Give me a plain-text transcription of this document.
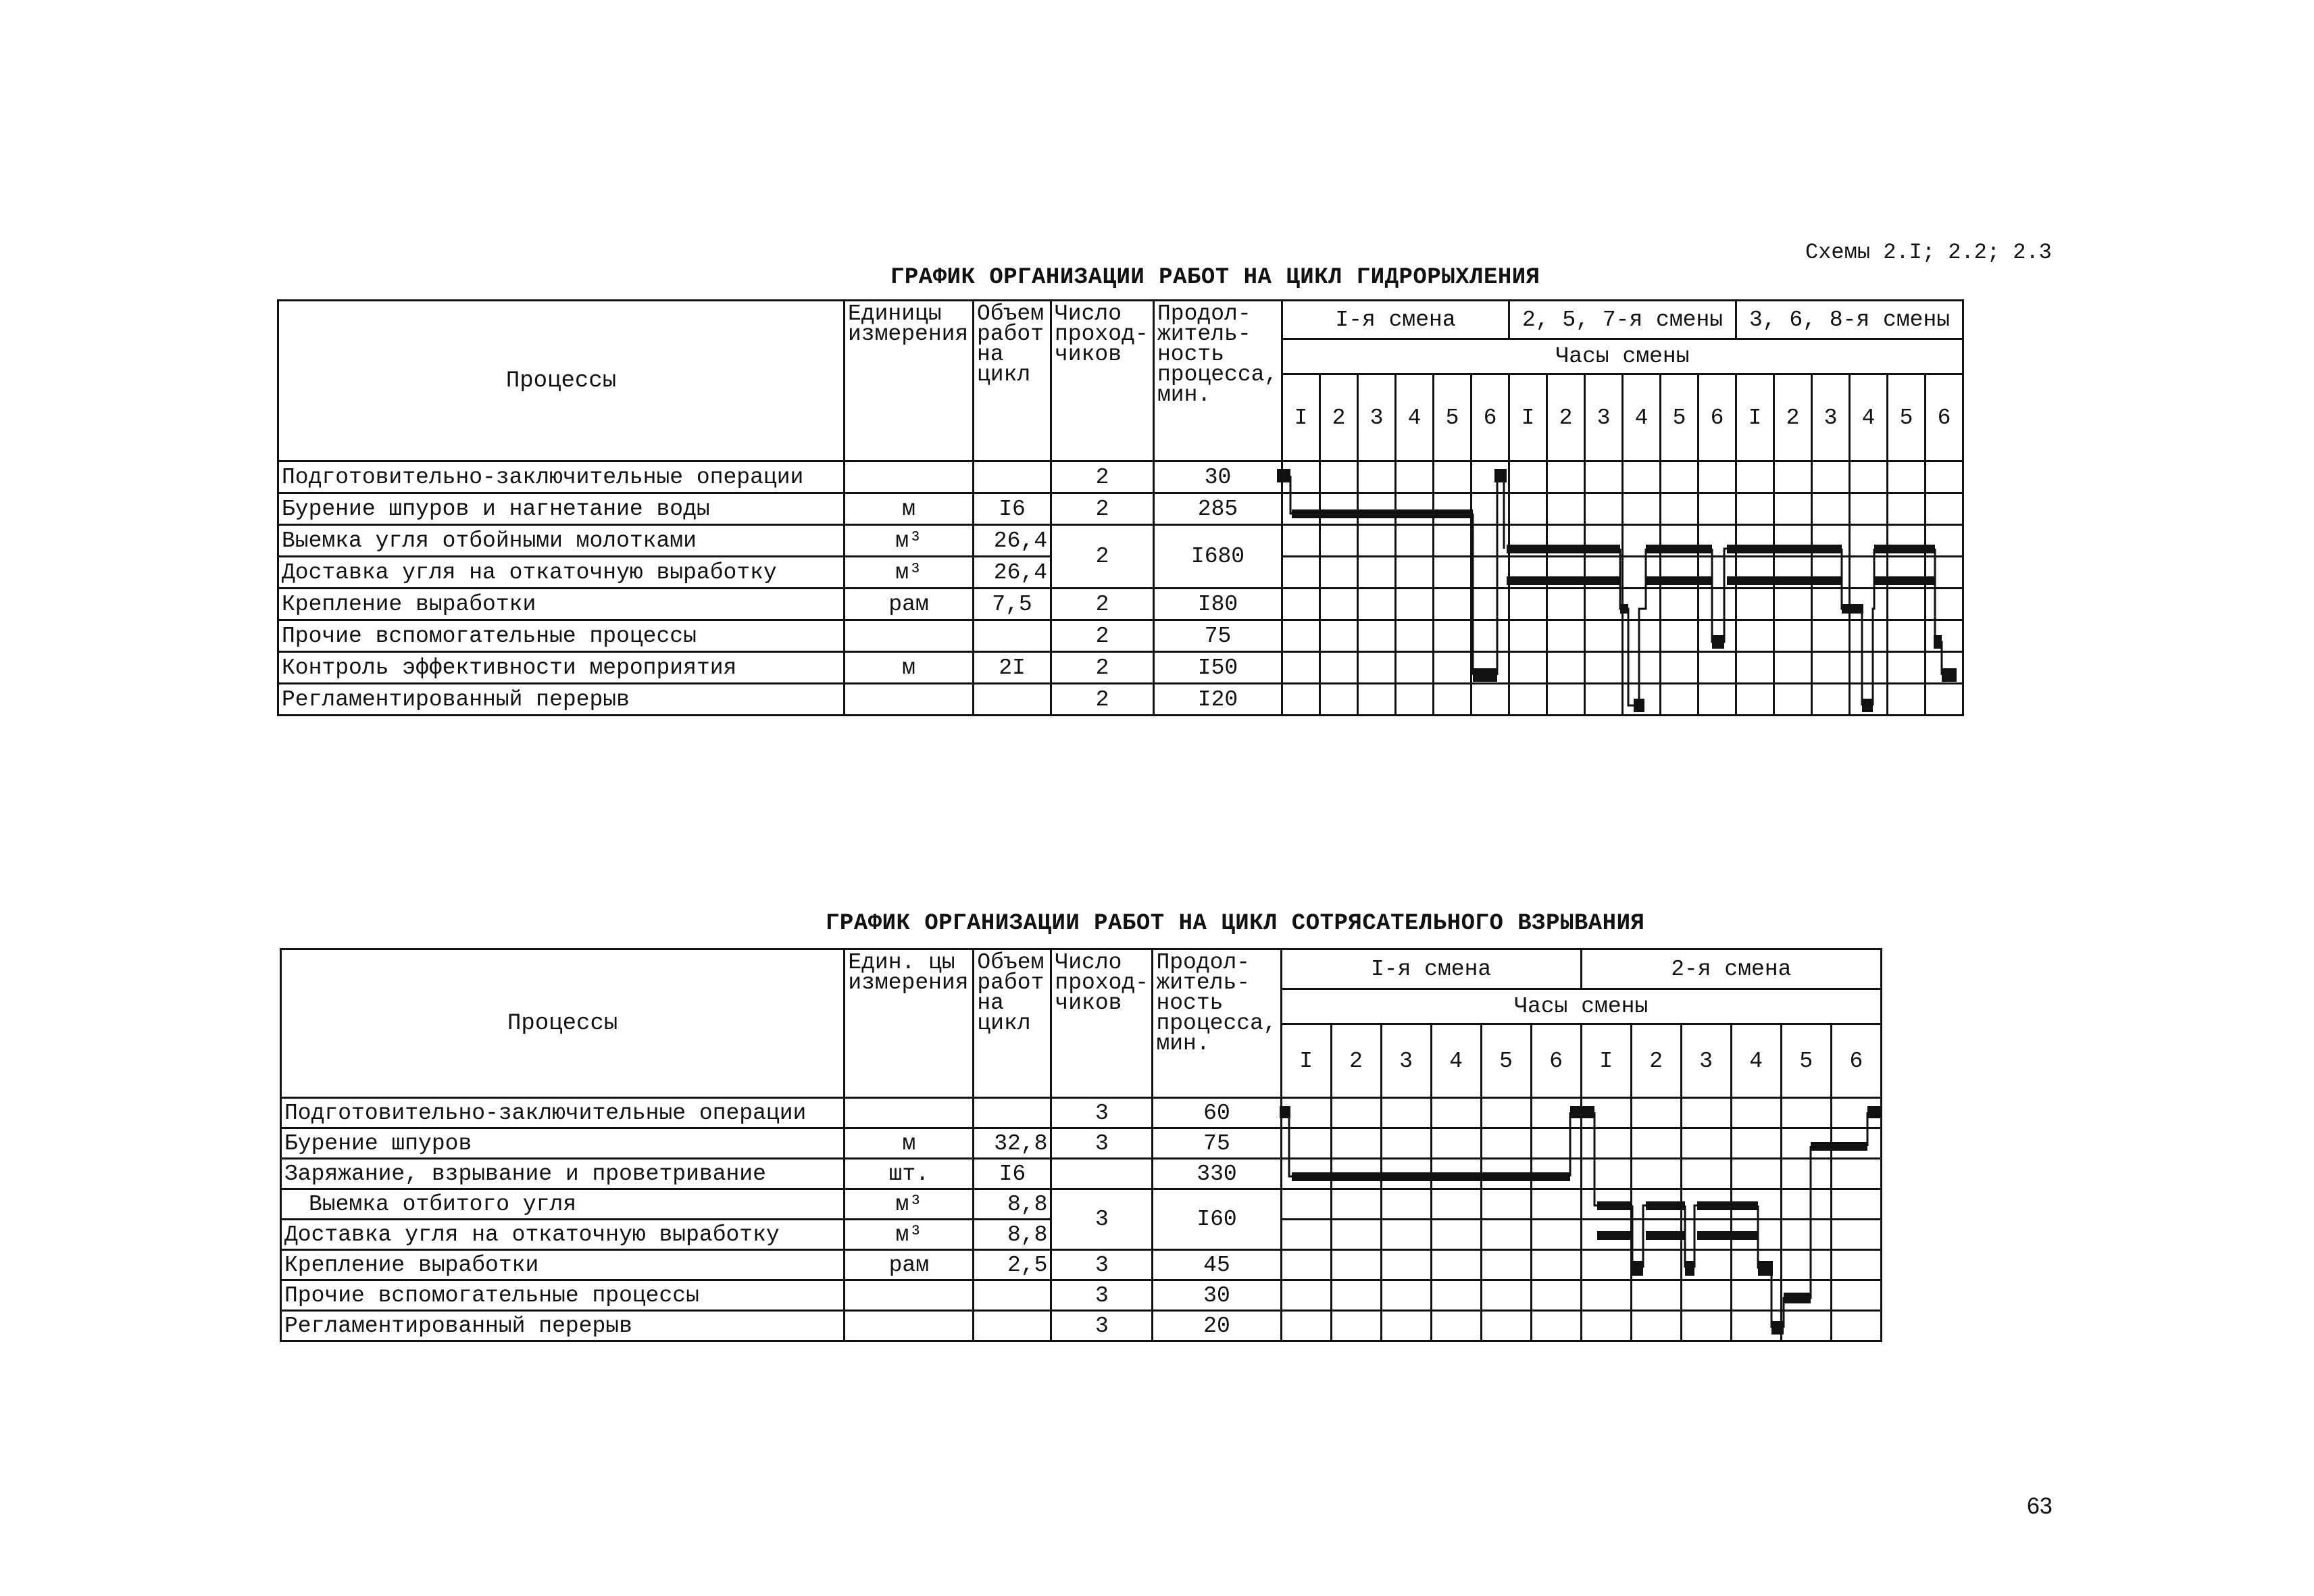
Схемы 2.I; 2.2; 2.3
ГРАФИК ОРГАНИЗАЦИИ РАБОТ НА ЦИКЛ ГИДРОРЫХЛЕНИЯ
Процессы	Единицы измерения	Объем работ на цикл	Число проход-чиков	Продол-житель-ность процесса, мин.	I-я смена						2, 5, 7-я смены						3, 6, 8-я смены					
					Часы смены																	
					I	2	3	4	5	6	I	2	3	4	5	6	I	2	3	4	5	6
Подготовительно-заключительные операции			2	30																		
Бурение шпуров и нагнетание воды	м	I6	2	285																		
Выемка угля отбойными молотками	м³	26,4	2	I680																		
Доставка угля на откаточную выработку	м³	26,4																				
Крепление выработки	рам	7,5	2	I80																		
Прочие вспомогательные процессы			2	75																		
Контроль эффективности мероприятия	м	2I	2	I50																		
Регламентированный перерыв			2	I20																		
ГРАФИК ОРГАНИЗАЦИИ РАБОТ НА ЦИКЛ СОТРЯСАТЕЛЬНОГО ВЗРЫВАНИЯ
Процессы	Един. цы измерения	Объем работ на цикл	Число проход-чиков	Продол-житель-ность процесса, мин.	I-я смена						2-я смена					
					Часы смены											
					I	2	3	4	5	6	I	2	3	4	5	6
Подготовительно-заключительные операции			3	60												
Бурение шпуров	м	32,8	3	75												
Заряжание, взрывание и проветривание	шт.	I6		330												
Выемка отбитого угля	м³	8,8	3	I60												
Доставка угля на откаточную выработку	м³	8,8														
Крепление выработки	рам	2,5	3	45												
Прочие вспомогательные процессы			3	30												
Регламентированный перерыв			3	20												
63
